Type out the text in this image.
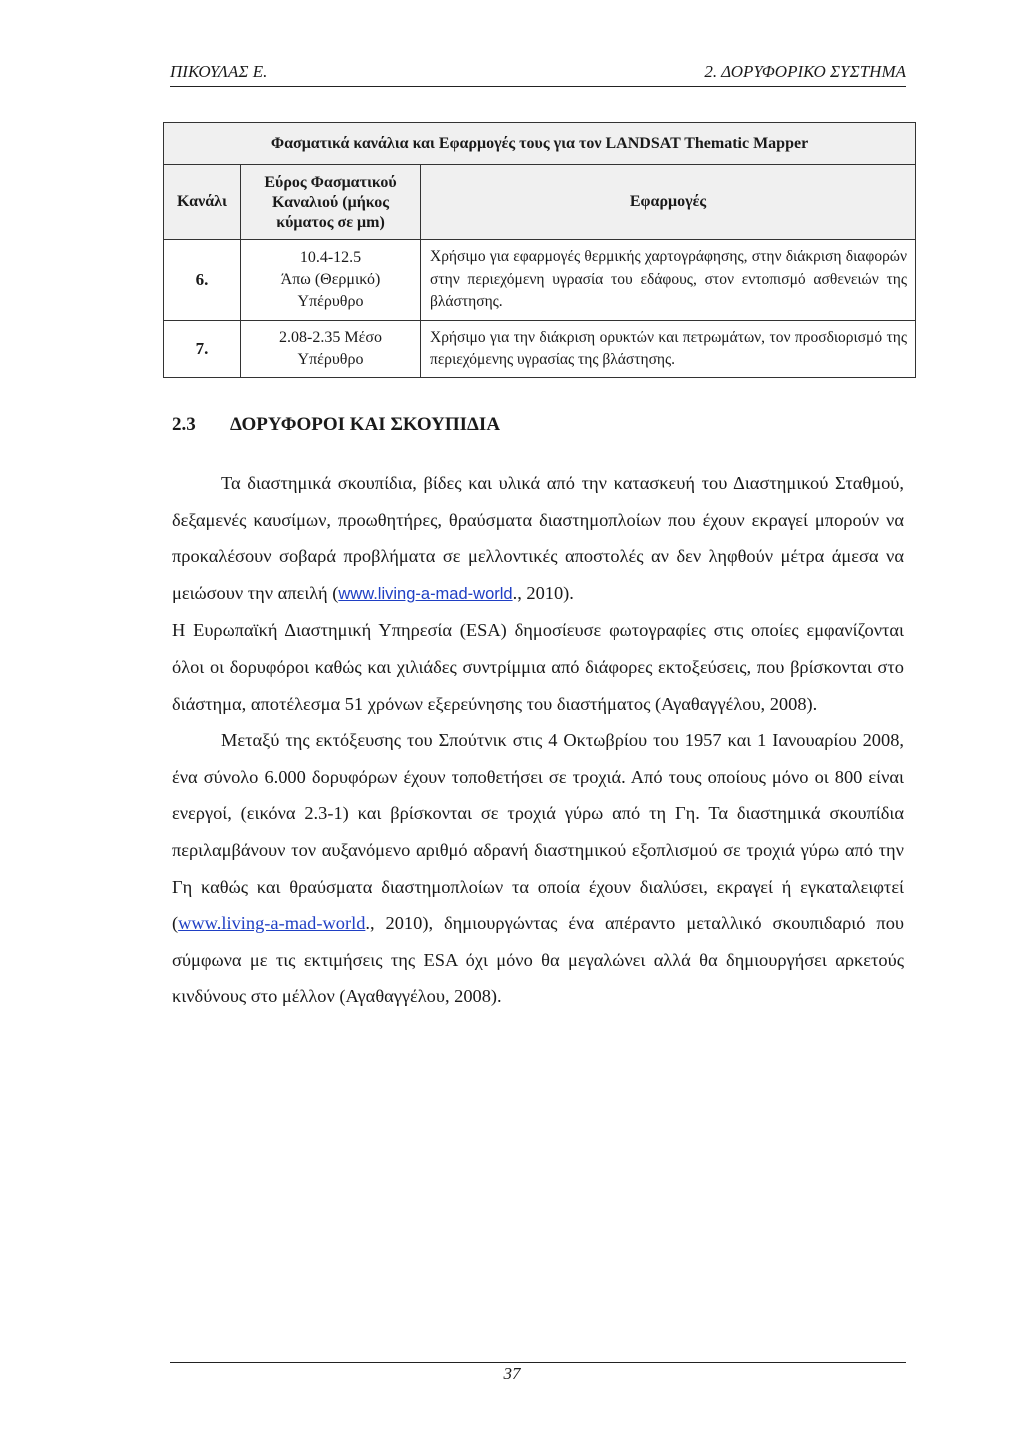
ΠΙΚΟΥΛΑΣ Ε.	2. ΔΟΡΥΦΟΡΙΚΟ ΣΥΣΤΗΜΑ
Φασματικά κανάλια και Εφαρμογές τους για τον LANDSAT Thematic Mapper		
Κανάλι	Εύρος Φασματικού
Καναλιού (μήκος
κύματος σε μm)	Εφαρμογές
6.	10.4-12.5
Άπω (Θερμικό)
Υπέρυθρο	Χρήσιμο για εφαρμογές θερμικής χαρτογράφησης, στην διάκριση διαφορών στην περιεχόμενη υγρασία του εδάφους, στον εντοπισμό ασθενειών της βλάστησης.
7.	2.08-2.35 Μέσο
Υπέρυθρο	Χρήσιμο για την διάκριση ορυκτών και πετρωμάτων, τον προσδιορισμό της περιεχόμενης υγρασίας της βλάστησης.
2.3 ΔΟΡΥΦΟΡΟΙ ΚΑΙ ΣΚΟΥΠΙΔΙΑ

Τα διαστημικά σκουπίδια, βίδες και υλικά από την κατασκευή του Διαστημικού Σταθμού, δεξαμενές καυσίμων, προωθητήρες, θραύσματα διαστημοπλοίων που έχουν εκραγεί μπορούν να προκαλέσουν σοβαρά προβλήματα σε μελλοντικές αποστολές αν δεν ληφθούν μέτρα άμεσα να μειώσουν την απειλή (www.living-a-mad-world., 2010).

Η Ευρωπαϊκή Διαστημική Υπηρεσία (ESA) δημοσίευσε φωτογραφίες στις οποίες εμφανίζονται όλοι οι δορυφόροι καθώς και χιλιάδες συντρίμμια από διάφορες εκτοξεύσεις, που βρίσκονται στο διάστημα, αποτέλεσμα 51 χρόνων εξερεύνησης του διαστήματος (Αγαθαγγέλου, 2008).

Μεταξύ της εκτόξευσης του Σπούτνικ στις 4 Οκτωβρίου του 1957 και 1 Ιανουαρίου 2008, ένα σύνολο 6.000 δορυφόρων έχουν τοποθετήσει σε τροχιά. Από τους οποίους μόνο οι 800 είναι ενεργοί, (εικόνα 2.3-1) και βρίσκονται σε τροχιά γύρω από τη Γη. Τα διαστημικά σκουπίδια περιλαμβάνουν τον αυξανόμενο αριθμό αδρανή διαστημικού εξοπλισμού σε τροχιά γύρω από την Γη καθώς και θραύσματα διαστημοπλοίων τα οποία έχουν διαλύσει, εκραγεί ή εγκαταλειφτεί (www.living-a-mad-world., 2010), δημιουργώντας ένα απέραντο μεταλλικό σκουπιδαριό που σύμφωνα με τις εκτιμήσεις της ESA όχι μόνο θα μεγαλώνει αλλά θα δημιουργήσει αρκετούς κινδύνους στο μέλλον (Αγαθαγγέλου, 2008).

37
